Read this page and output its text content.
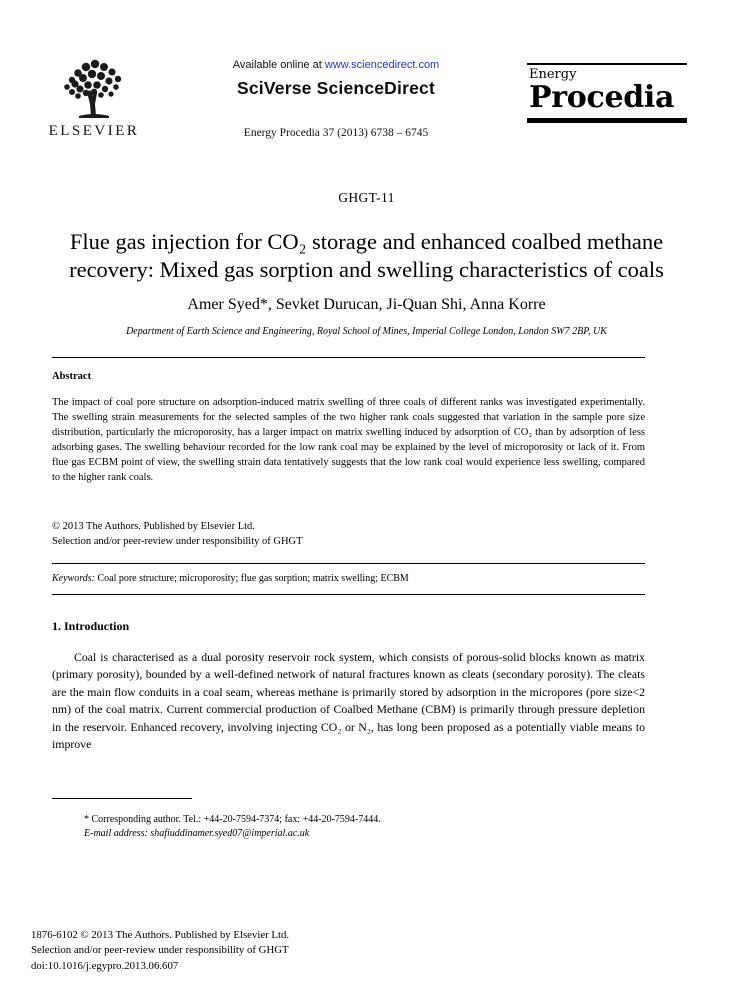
ELSEVIER
Available online at www.sciencedirect.com
SciVerse ScienceDirect
Energy Procedia 37 (2013) 6738 – 6745
Energy
Procedia
GHGT-11
Flue gas injection for CO₂ storage and enhanced coalbed methane recovery: Mixed gas sorption and swelling characteristics of coals
Amer Syed*, Sevket Durucan, Ji-Quan Shi, Anna Korre
Department of Earth Science and Engineering, Royal School of Mines, Imperial College London, London SW7 2BP, UK
Abstract

The impact of coal pore structure on adsorption-induced matrix swelling of three coals of different ranks was investigated experimentally. The swelling strain measurements for the selected samples of the two higher rank coals suggested that variation in the sample pore size distribution, particularly the microporosity, has a larger impact on matrix swelling induced by adsorption of CO₂ than by adsorption of less adsorbing gases. The swelling behaviour recorded for the low rank coal may be explained by the level of microporosity or lack of it. From flue gas ECBM point of view, the swelling strain data tentatively suggests that the low rank coal would experience less swelling, compared to the higher rank coals.

© 2013 The Authors. Published by Elsevier Ltd.
Selection and/or peer-review under responsibility of GHGT
Keywords: Coal pore structure; microporosity; flue gas sorption; matrix swelling; ECBM
1. Introduction

Coal is characterised as a dual porosity reservoir rock system, which consists of porous-solid blocks known as matrix (primary porosity), bounded by a well-defined network of natural fractures known as cleats (secondary porosity). The cleats are the main flow conduits in a coal seam, whereas methane is primarily stored by adsorption in the micropores (pore size<2 nm) of the coal matrix. Current commercial production of Coalbed Methane (CBM) is primarily through pressure depletion in the reservoir. Enhanced recovery, involving injecting CO₂ or N₂, has long been proposed as a potentially viable means to improve

* Corresponding author. Tel.: +44-20-7594-7374; fax: +44-20-7594-7444.
E-mail address: shafiuddinamer.syed07@imperial.ac.uk
1876-6102 © 2013 The Authors. Published by Elsevier Ltd.
Selection and/or peer-review under responsibility of GHGT
doi:10.1016/j.egypro.2013.06.607
